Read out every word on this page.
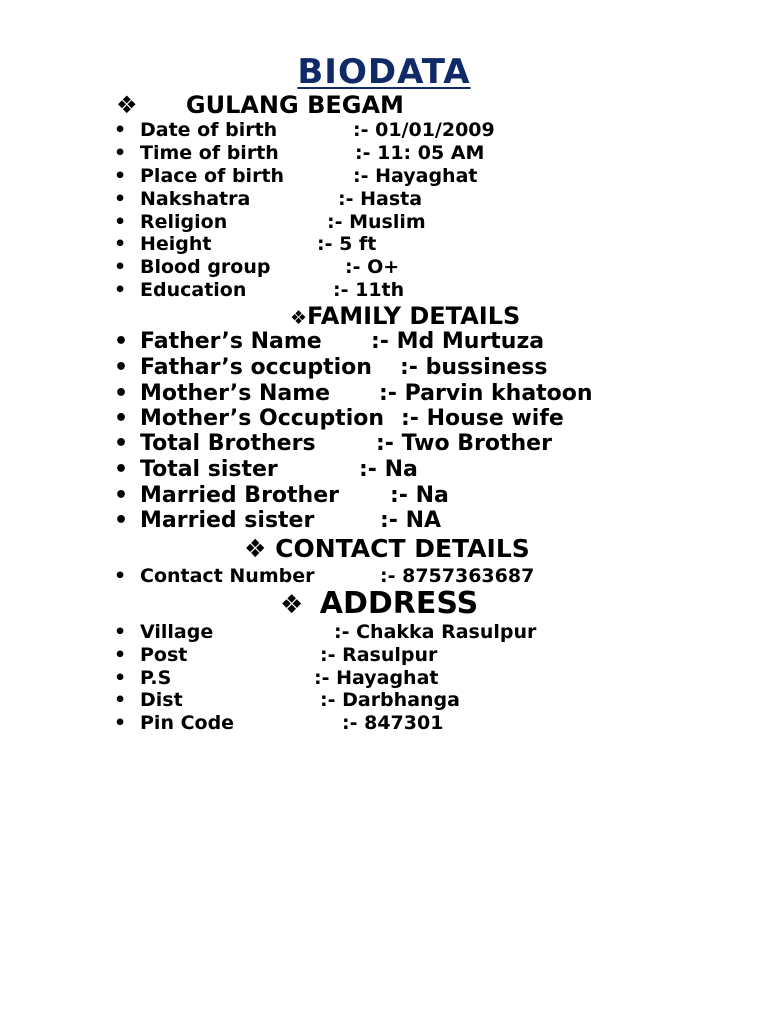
BIODATA
❖ GULANG BEGAM
• Date of birth	:- 01/01/2009
• Time of birth	:- 11: 05 AM
• Place of birth	:- Hayaghat
• Nakshatra	:- Hasta
• Religion	:- Muslim
• Height	:- 5 ft
• Blood group	:- O+
• Education	:- 11th
❖FAMILY DETAILS
• Father’s Name :- Md Murtuza
• Fathar’s occuption :- bussiness
• Mother’s Name :- Parvin khatoon
• Mother’s Occuption :- House wife
• Total Brothers	:- Two Brother
• Total sister	:- Na
• Married Brother :- Na
• Married sister	:- NA
❖ CONTACT DETAILS
• Contact Number	:- 8757363687
❖ ADDRESS
• Village	:- Chakka Rasulpur
• Post	:- Rasulpur
• P.S	:- Hayaghat
• Dist	:- Darbhanga
• Pin Code	:- 847301
